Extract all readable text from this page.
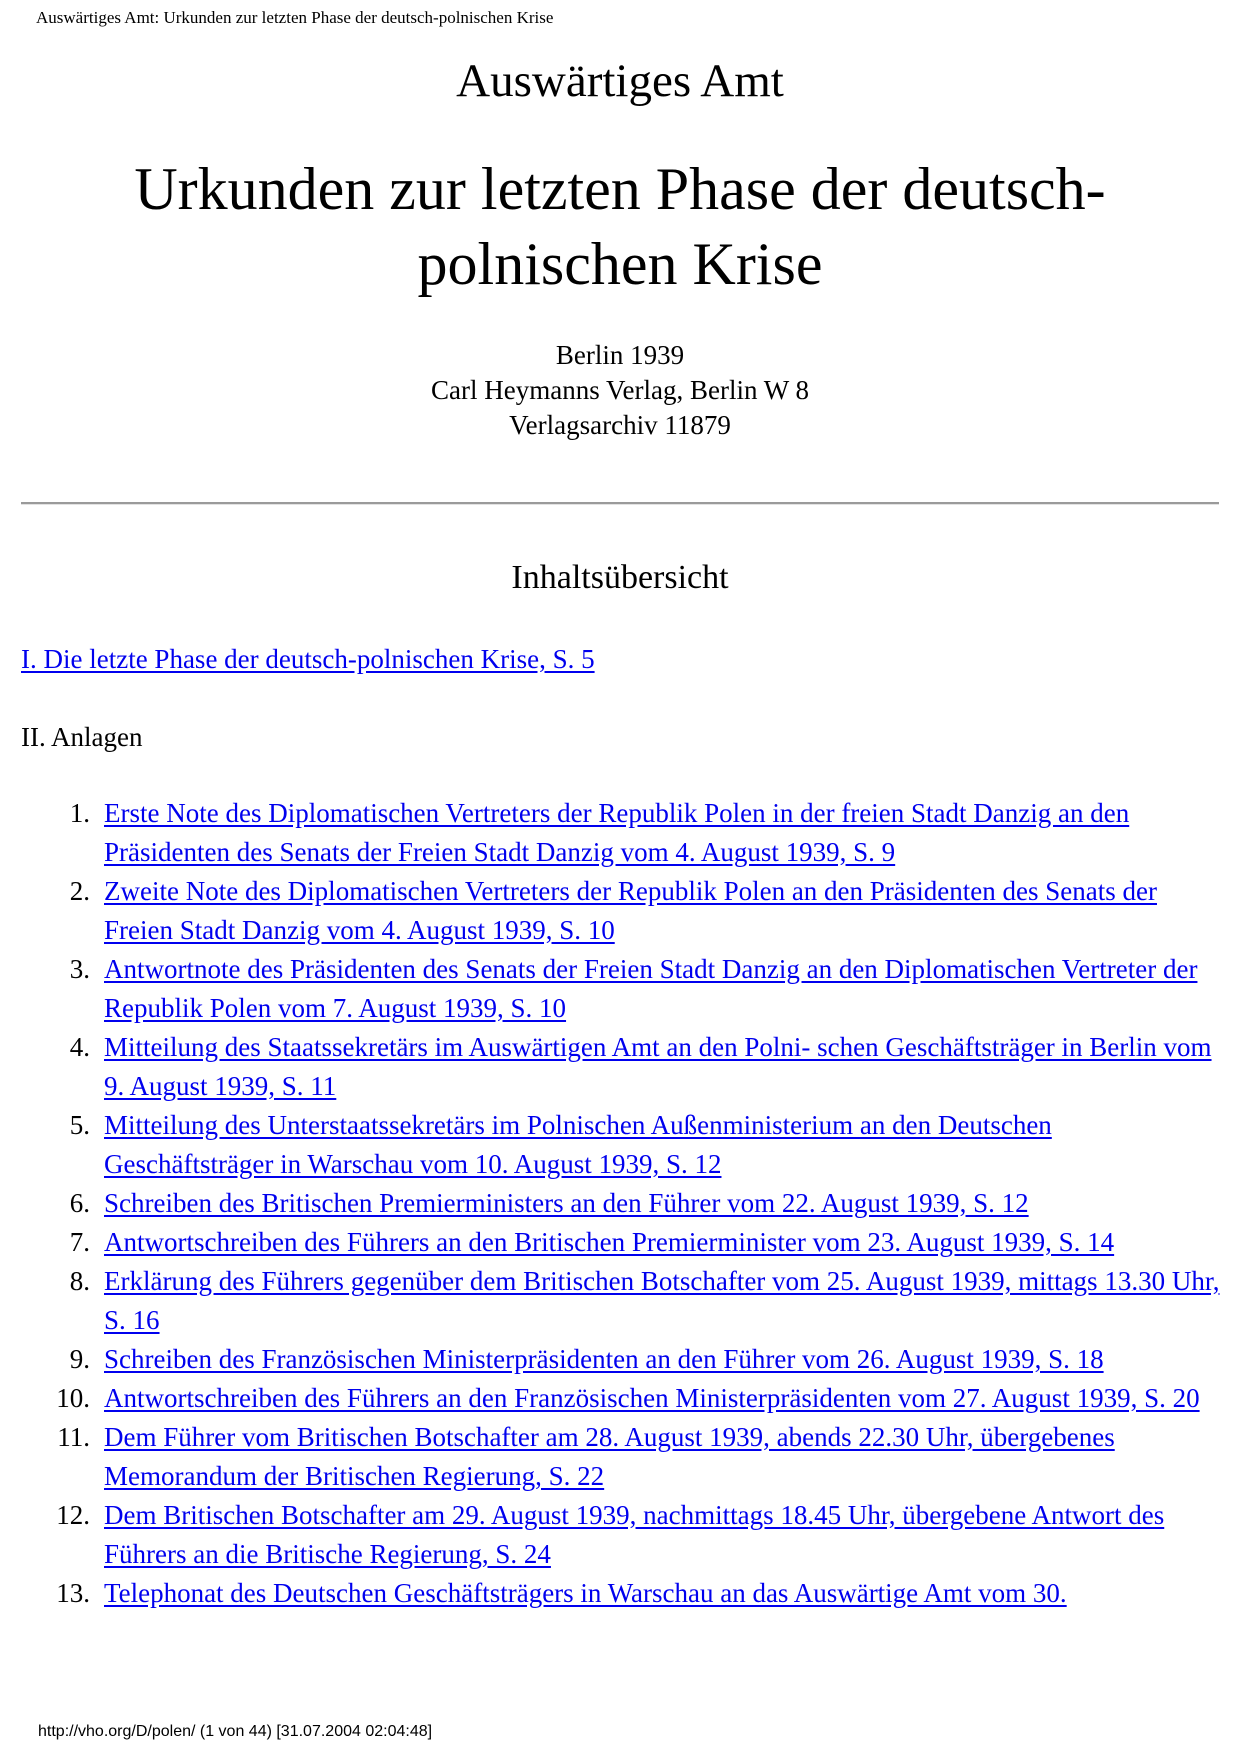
Auswärtiges Amt: Urkunden zur letzten Phase der deutsch-polnischen Krise
Auswärtiges Amt
Urkunden zur letzten Phase der deutsch-
polnischen Krise
Berlin 1939
Carl Heymanns Verlag, Berlin W 8
Verlagsarchiv 11879
Inhaltsübersicht
I. Die letzte Phase der deutsch-polnischen Krise, S. 5
II. Anlagen
1. Erste Note des Diplomatischen Vertreters der Republik Polen in der freien Stadt Danzig an den Präsidenten des Senats der Freien Stadt Danzig vom 4. August 1939, S. 9
2. Zweite Note des Diplomatischen Vertreters der Republik Polen an den Präsidenten des Senats der Freien Stadt Danzig vom 4. August 1939, S. 10
3. Antwortnote des Präsidenten des Senats der Freien Stadt Danzig an den Diplomatischen Vertreter der Republik Polen vom 7. August 1939, S. 10
4. Mitteilung des Staatssekretärs im Auswärtigen Amt an den Polni- schen Geschäftsträger in Berlin vom 9. August 1939, S. 11
5. Mitteilung des Unterstaatssekretärs im Polnischen Außenministerium an den Deutschen Geschäftsträger in Warschau vom 10. August 1939, S. 12
6. Schreiben des Britischen Premierministers an den Führer vom 22. August 1939, S. 12
7. Antwortschreiben des Führers an den Britischen Premierminister vom 23. August 1939, S. 14
8. Erklärung des Führers gegenüber dem Britischen Botschafter vom 25. August 1939, mittags 13.30 Uhr, S. 16
9. Schreiben des Französischen Ministerpräsidenten an den Führer vom 26. August 1939, S. 18
10. Antwortschreiben des Führers an den Französischen Ministerpräsidenten vom 27. August 1939, S. 20
11. Dem Führer vom Britischen Botschafter am 28. August 1939, abends 22.30 Uhr, übergebenes Memorandum der Britischen Regierung, S. 22
12. Dem Britischen Botschafter am 29. August 1939, nachmittags 18.45 Uhr, übergebene Antwort des Führers an die Britische Regierung, S. 24
13. Telephonat des Deutschen Geschäftsträgers in Warschau an das Auswärtige Amt vom 30.
http://vho.org/D/polen/ (1 von 44) [31.07.2004 02:04:48]
